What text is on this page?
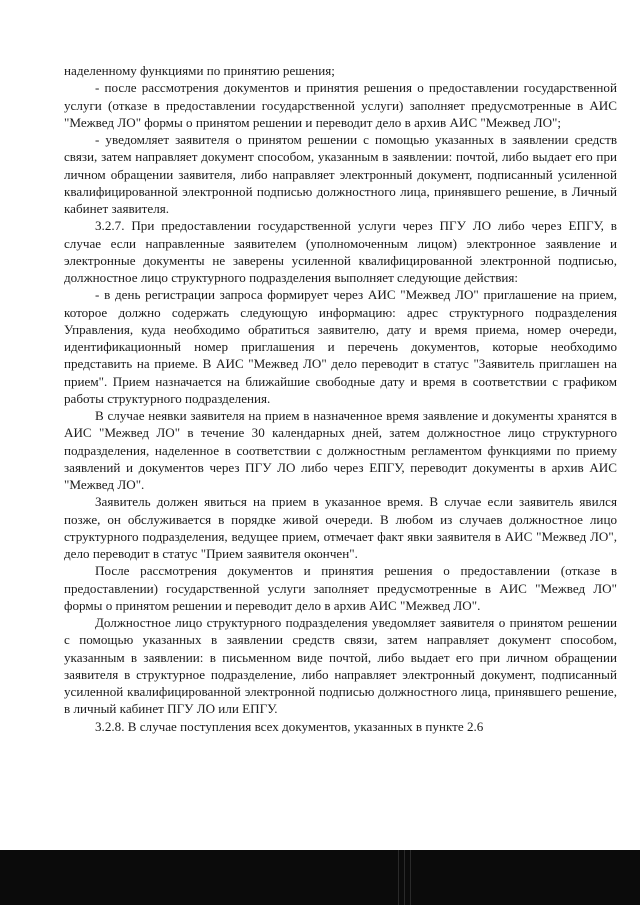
наделенному функциями по принятию решения;

- после рассмотрения документов и принятия решения о предоставлении государственной услуги (отказе в предоставлении государственной услуги) заполняет предусмотренные в АИС "Межвед ЛО" формы о принятом решении и переводит дело в архив АИС "Межвед ЛО";

- уведомляет заявителя о принятом решении с помощью указанных в заявлении средств связи, затем направляет документ способом, указанным в заявлении: почтой, либо выдает его при личном обращении заявителя, либо направляет электронный документ, подписанный усиленной квалифицированной электронной подписью должностного лица, принявшего решение, в Личный кабинет заявителя.

3.2.7. При предоставлении государственной услуги через ПГУ ЛО либо через ЕПГУ, в случае если направленные заявителем (уполномоченным лицом) электронное заявление и электронные документы не заверены усиленной квалифицированной электронной подписью, должностное лицо структурного подразделения выполняет следующие действия:

- в день регистрации запроса формирует через АИС "Межвед ЛО" приглашение на прием, которое должно содержать следующую информацию: адрес структурного подразделения Управления, куда необходимо обратиться заявителю, дату и время приема, номер очереди, идентификационный номер приглашения и перечень документов, которые необходимо представить на приеме. В АИС "Межвед ЛО" дело переводит в статус "Заявитель приглашен на прием". Прием назначается на ближайшие свободные дату и время в соответствии с графиком работы структурного подразделения.

В случае неявки заявителя на прием в назначенное время заявление и документы хранятся в АИС "Межвед ЛО" в течение 30 календарных дней, затем должностное лицо структурного подразделения, наделенное в соответствии с должностным регламентом функциями по приему заявлений и документов через ПГУ ЛО либо через ЕПГУ, переводит документы в архив АИС "Межвед ЛО".

Заявитель должен явиться на прием в указанное время. В случае если заявитель явился позже, он обслуживается в порядке живой очереди. В любом из случаев должностное лицо структурного подразделения, ведущее прием, отмечает факт явки заявителя в АИС "Межвед ЛО", дело переводит в статус "Прием заявителя окончен".

После рассмотрения документов и принятия решения о предоставлении (отказе в предоставлении) государственной услуги заполняет предусмотренные в АИС "Межвед ЛО" формы о принятом решении и переводит дело в архив АИС "Межвед ЛО".

Должностное лицо структурного подразделения уведомляет заявителя о принятом решении с помощью указанных в заявлении средств связи, затем направляет документ способом, указанным в заявлении: в письменном виде почтой, либо выдает его при личном обращении заявителя в структурное подразделение, либо направляет электронный документ, подписанный усиленной квалифицированной электронной подписью должностного лица, принявшего решение, в личный кабинет ПГУ ЛО или ЕПГУ.

3.2.8. В случае поступления всех документов, указанных в пункте 2.6
